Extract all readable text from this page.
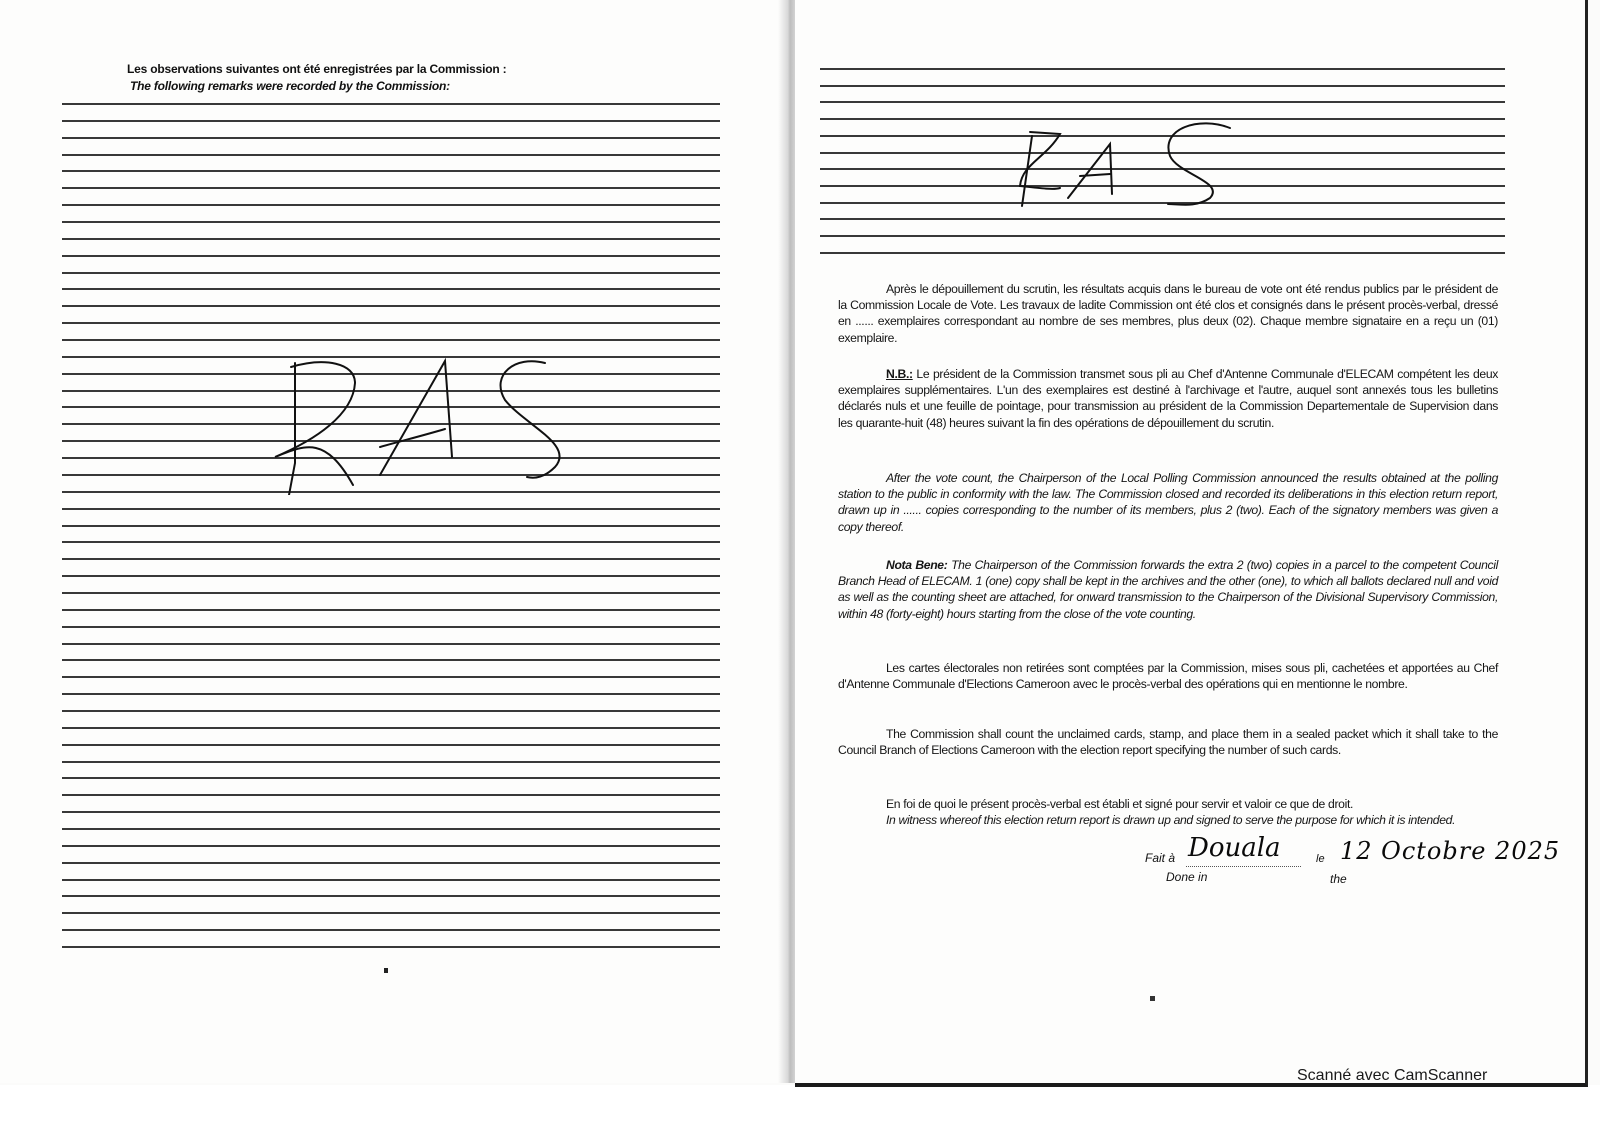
Les observations suivantes ont été enregistrées par la Commission :
The following remarks were recorded by the Commission:
Après le dépouillement du scrutin, les résultats acquis dans le bureau de vote ont été rendus publics par le président de la Commission Locale de Vote. Les travaux de ladite Commission ont été clos et consignés dans le présent procès-verbal, dressé en ...... exemplaires correspondant au nombre de ses membres, plus deux (02). Chaque membre signataire en a reçu un (01) exemplaire.
N.B.: Le président de la Commission transmet sous pli au Chef d'Antenne Communale d'ELECAM compétent les deux exemplaires supplémentaires. L'un des exemplaires est destiné à l'archivage et l'autre, auquel sont annexés tous les bulletins déclarés nuls et une feuille de pointage, pour transmission au président de la Commission Departementale de Supervision dans les quarante-huit (48) heures suivant la fin des opérations de dépouillement du scrutin.
After the vote count, the Chairperson of the Local Polling Commission announced the results obtained at the polling station to the public in conformity with the law. The Commission closed and recorded its deliberations in this election return report, drawn up in ...... copies corresponding to the number of its members, plus 2 (two). Each of the signatory members was given a copy thereof.
Nota Bene: The Chairperson of the Commission forwards the extra 2 (two) copies in a parcel to the competent Council Branch Head of ELECAM. 1 (one) copy shall be kept in the archives and the other (one), to which all ballots declared null and void as well as the counting sheet are attached, for onward transmission to the Chairperson of the Divisional Supervisory Commission, within 48 (forty-eight) hours starting from the close of the vote counting.
Les cartes électorales non retirées sont comptées par la Commission, mises sous pli, cachetées et apportées au Chef d'Antenne Communale d'Elections Cameroon avec le procès-verbal des opérations qui en mentionne le nombre.
The Commission shall count the unclaimed cards, stamp, and place them in a sealed packet which it shall take to the Council Branch of Elections Cameroon with the election report specifying the number of such cards.
En foi de quoi le présent procès-verbal est établi et signé pour servir et valoir ce que de droit.
In witness whereof this election return report is drawn up and signed to serve the purpose for which it is intended.
Fait à Douala	le 12 Octobre 2025
Done in	the
Scanné avec CamScanner
